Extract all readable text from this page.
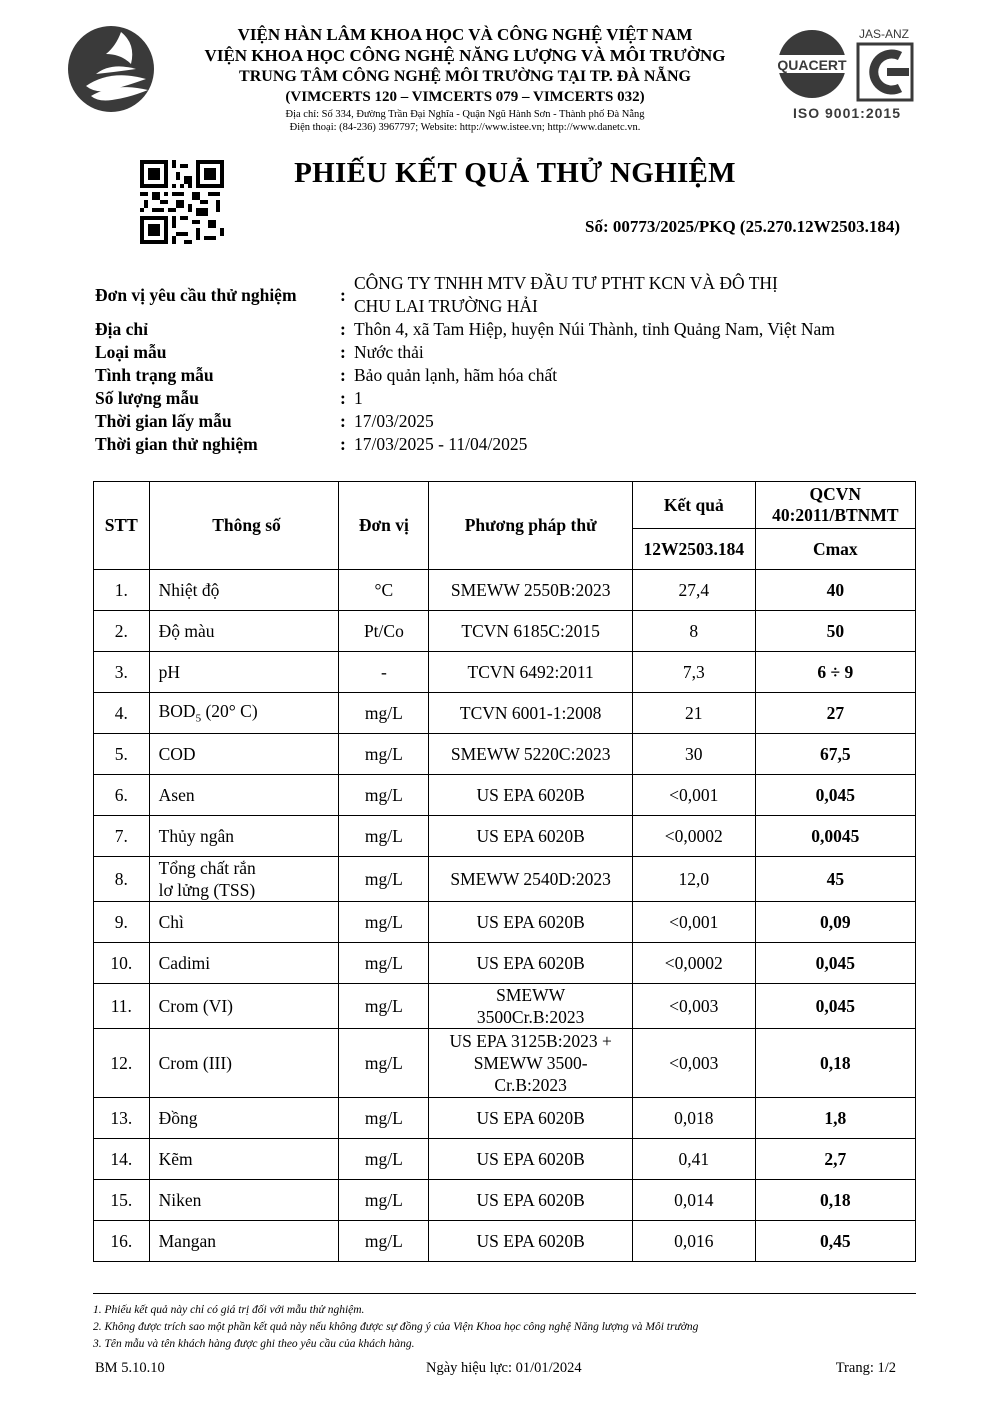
VIỆN HÀN LÂM KHOA HỌC VÀ CÔNG NGHỆ VIỆT NAM
VIỆN KHOA HỌC CÔNG NGHỆ NĂNG LƯỢNG VÀ MÔI TRƯỜNG
TRUNG TÂM CÔNG NGHỆ MÔI TRƯỜNG TẠI TP. ĐÀ NẴNG
(VIMCERTS 120 – VIMCERTS 079 – VIMCERTS 032)
Địa chỉ: Số 334, Đường Trần Đại Nghĩa - Quận Ngũ Hành Sơn - Thành phố Đà Nẵng
Điện thoại: (84-236) 3967797; Website: http://www.istee.vn; http://www.danetc.vn.
QUACERT
JAS-ANZ
ISO 9001:2015
PHIẾU KẾT QUẢ THỬ NGHIỆM
Số: 00773/2025/PKQ (25.270.12W2503.184)
Đơn vị yêu cầu thử nghiệm	:
CÔNG TY TNHH MTV ĐẦU TƯ PTHT KCN VÀ ĐÔ THỊ
CHU LAI TRƯỜNG HẢI
Địa chỉ	: Thôn 4, xã Tam Hiệp, huyện Núi Thành, tỉnh Quảng Nam, Việt Nam
Loại mẫu	: Nước thải
Tình trạng mẫu	: Bảo quản lạnh, hãm hóa chất
Số lượng mẫu	: 1
Thời gian lấy mẫu	: 17/03/2025
Thời gian thử nghiệm	: 17/03/2025 - 11/04/2025
STT	Thông số	Đơn vị	Phương pháp thử	Kết quả	QCVN
40:2011/BTNMT

				12W2503.184	Cmax
1.	Nhiệt độ	°C	SMEWW 2550B:2023	27,4	40
2.	Độ màu	Pt/Co	TCVN 6185C:2015	8	50
3.	pH	-	TCVN 6492:2011	7,3	6 ÷ 9
4.	$BOD_5$ (20° C)	mg/L	TCVN 6001-1:2008	21	27
5.	COD	mg/L	SMEWW 5220C:2023	30	67,5
6.	Asen	mg/L	US EPA 6020B	<0,001	0,045
7.	Thủy ngân	mg/L	US EPA 6020B	<0,0002	0,0045
8.	Tổng chất rắn
lơ lửng (TSS)	mg/L	SMEWW 2540D:2023	12,0	45
9.	Chì	mg/L	US EPA 6020B	<0,001	0,09
10.	Cadimi	mg/L	US EPA 6020B	<0,0002	0,045
11.	Crom (VI)	mg/L	SMEWW
3500Cr.B:2023	<0,003	0,045
12.	Crom (III)	mg/L	US EPA 3125B:2023 +
SMEWW 3500-
Cr.B:2023	<0,003	0,18
13.	Đồng	mg/L	US EPA 6020B	0,018	1,8
14.	Kẽm	mg/L	US EPA 6020B	0,41	2,7
15.	Niken	mg/L	US EPA 6020B	0,014	0,18
16.	Mangan	mg/L	US EPA 6020B	0,016	0,45
1. Phiếu kết quả này chỉ có giá trị đối với mẫu thử nghiệm.
2. Không được trích sao một phần kết quả này nếu không được sự đồng ý của Viện Khoa học công nghệ Năng lượng và Môi trường
3. Tên mẫu và tên khách hàng được ghi theo yêu cầu của khách hàng.
BM 5.10.10	Ngày hiệu lực: 01/01/2024	Trang: 1/2
